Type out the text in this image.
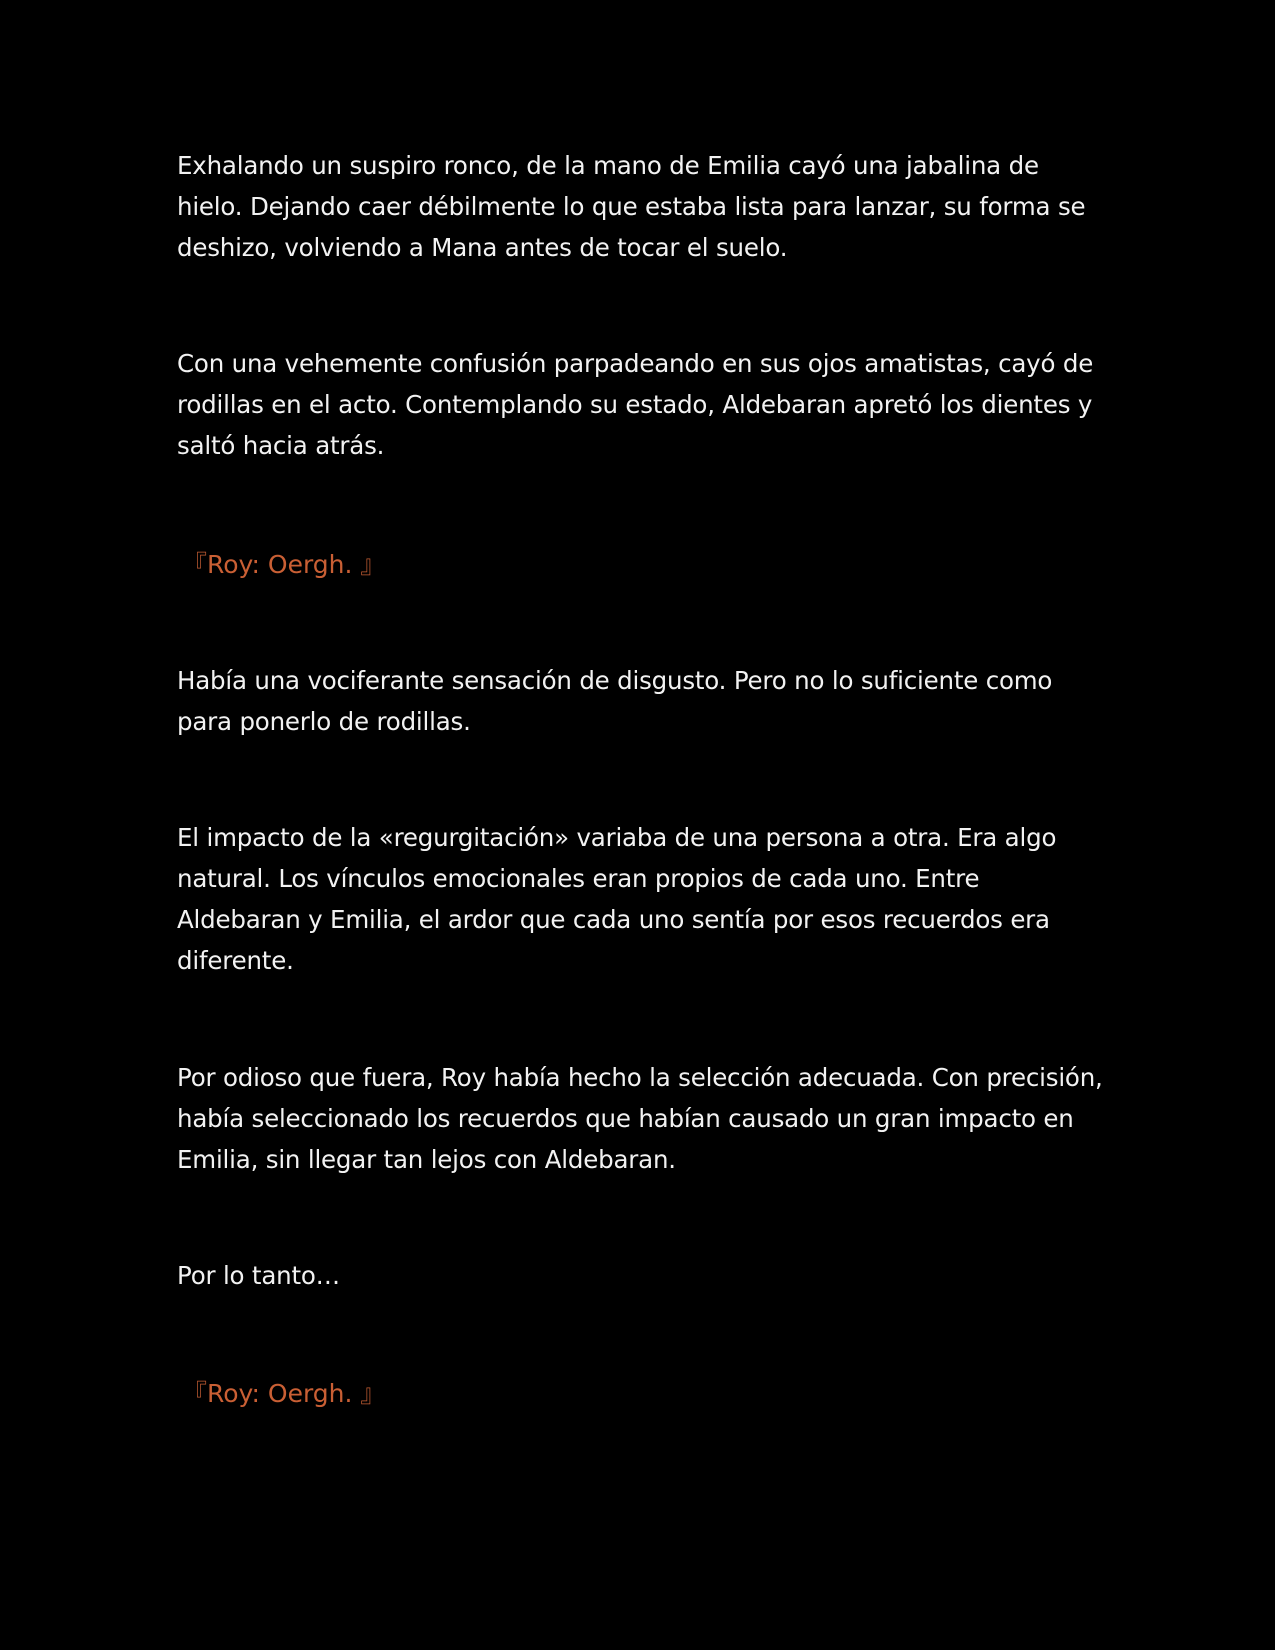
Exhalando un suspiro ronco, de la mano de Emilia cayó una jabalina de hielo. Dejando caer débilmente lo que estaba lista para lanzar, su forma se deshizo, volviendo a Mana antes de tocar el suelo.

Con una vehemente confusión parpadeando en sus ojos amatistas, cayó de rodillas en el acto. Contemplando su estado, Aldebaran apretó los dientes y saltó hacia atrás.

『Roy: Oergh. 』

Había una vociferante sensación de disgusto. Pero no lo suficiente como para ponerlo de rodillas.

El impacto de la «regurgitación» variaba de una persona a otra. Era algo natural. Los vínculos emocionales eran propios de cada uno. Entre Aldebaran y Emilia, el ardor que cada uno sentía por esos recuerdos era diferente.

Por odioso que fuera, Roy había hecho la selección adecuada. Con precisión, había seleccionado los recuerdos que habían causado un gran impacto en Emilia, sin llegar tan lejos con Aldebaran.

Por lo tanto…

『Roy: Oergh. 』
